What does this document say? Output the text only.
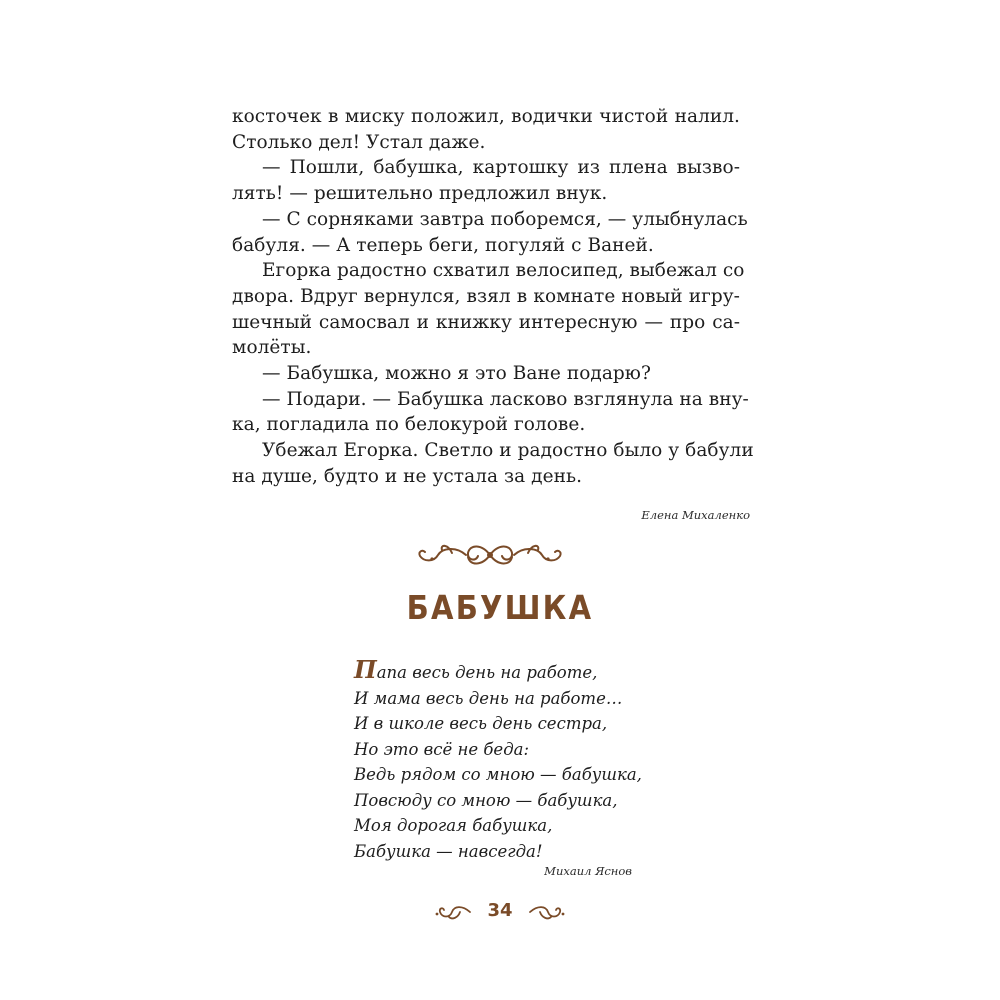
косточек в миску положил, водички чистой налил.
Столько дел! Устал даже.
— Пошли, бабушка, картошку из плена вызво-
лять! — решительно предложил внук.
— С сорняками завтра поборемся, — улыбнулась
бабуля. — А теперь беги, погуляй с Ваней.
Егорка радостно схватил велосипед, выбежал со
двора. Вдруг вернулся, взял в комнате новый игру-
шечный самосвал и книжку интересную — про са-
молёты.
— Бабушка, можно я это Ване подарю?
— Подари. — Бабушка ласково взглянула на вну-
ка, погладила по белокурой голове.
Убежал Егорка. Светло и радостно было у бабули
на душе, будто и не устала за день.
Елена Михаленко
БАБУШКА
Папа весь день на работе,
И мама весь день на работе…
И в школе весь день сестра,
Но это всё не беда:
Ведь рядом со мною — бабушка,
Повсюду со мною — бабушка,
Моя дорогая бабушка,
Бабушка — навсегда!
Михаил Яснов
34
